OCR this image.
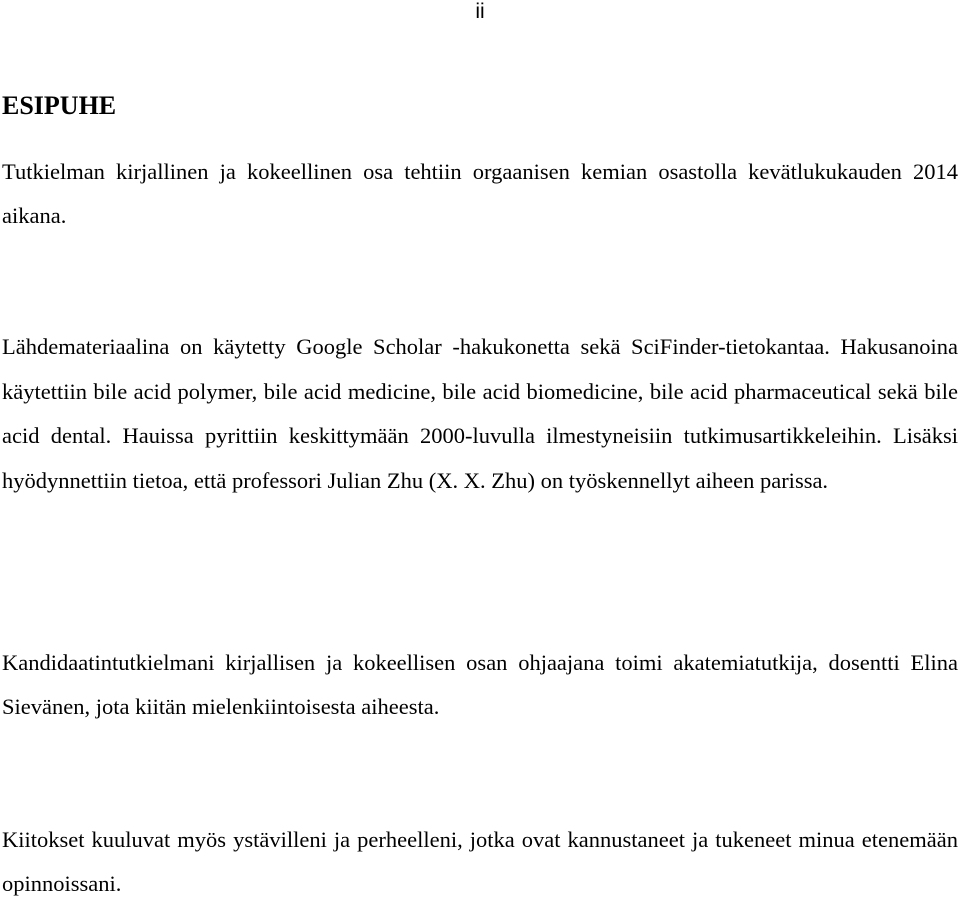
ii
ESIPUHE

Tutkielman kirjallinen ja kokeellinen osa tehtiin orgaanisen kemian osastolla kevätlukukauden 2014 aikana.

Lähdemateriaalina on käytetty Google Scholar -hakukonetta sekä SciFinder-tietokantaa. Hakusanoina käytettiin bile acid polymer, bile acid medicine, bile acid biomedicine, bile acid pharmaceutical sekä bile acid dental. Hauissa pyrittiin keskittymään 2000-luvulla ilmestyneisiin tutkimusartikkeleihin. Lisäksi hyödynnettiin tietoa, että professori Julian Zhu (X. X. Zhu) on työskennellyt aiheen parissa.

Kandidaatintutkielmani kirjallisen ja kokeellisen osan ohjaajana toimi akatemiatutkija, dosentti Elina Sievänen, jota kiitän mielenkiintoisesta aiheesta.

Kiitokset kuuluvat myös ystävilleni ja perheelleni, jotka ovat kannustaneet ja tukeneet minua etenemään opinnoissani.
